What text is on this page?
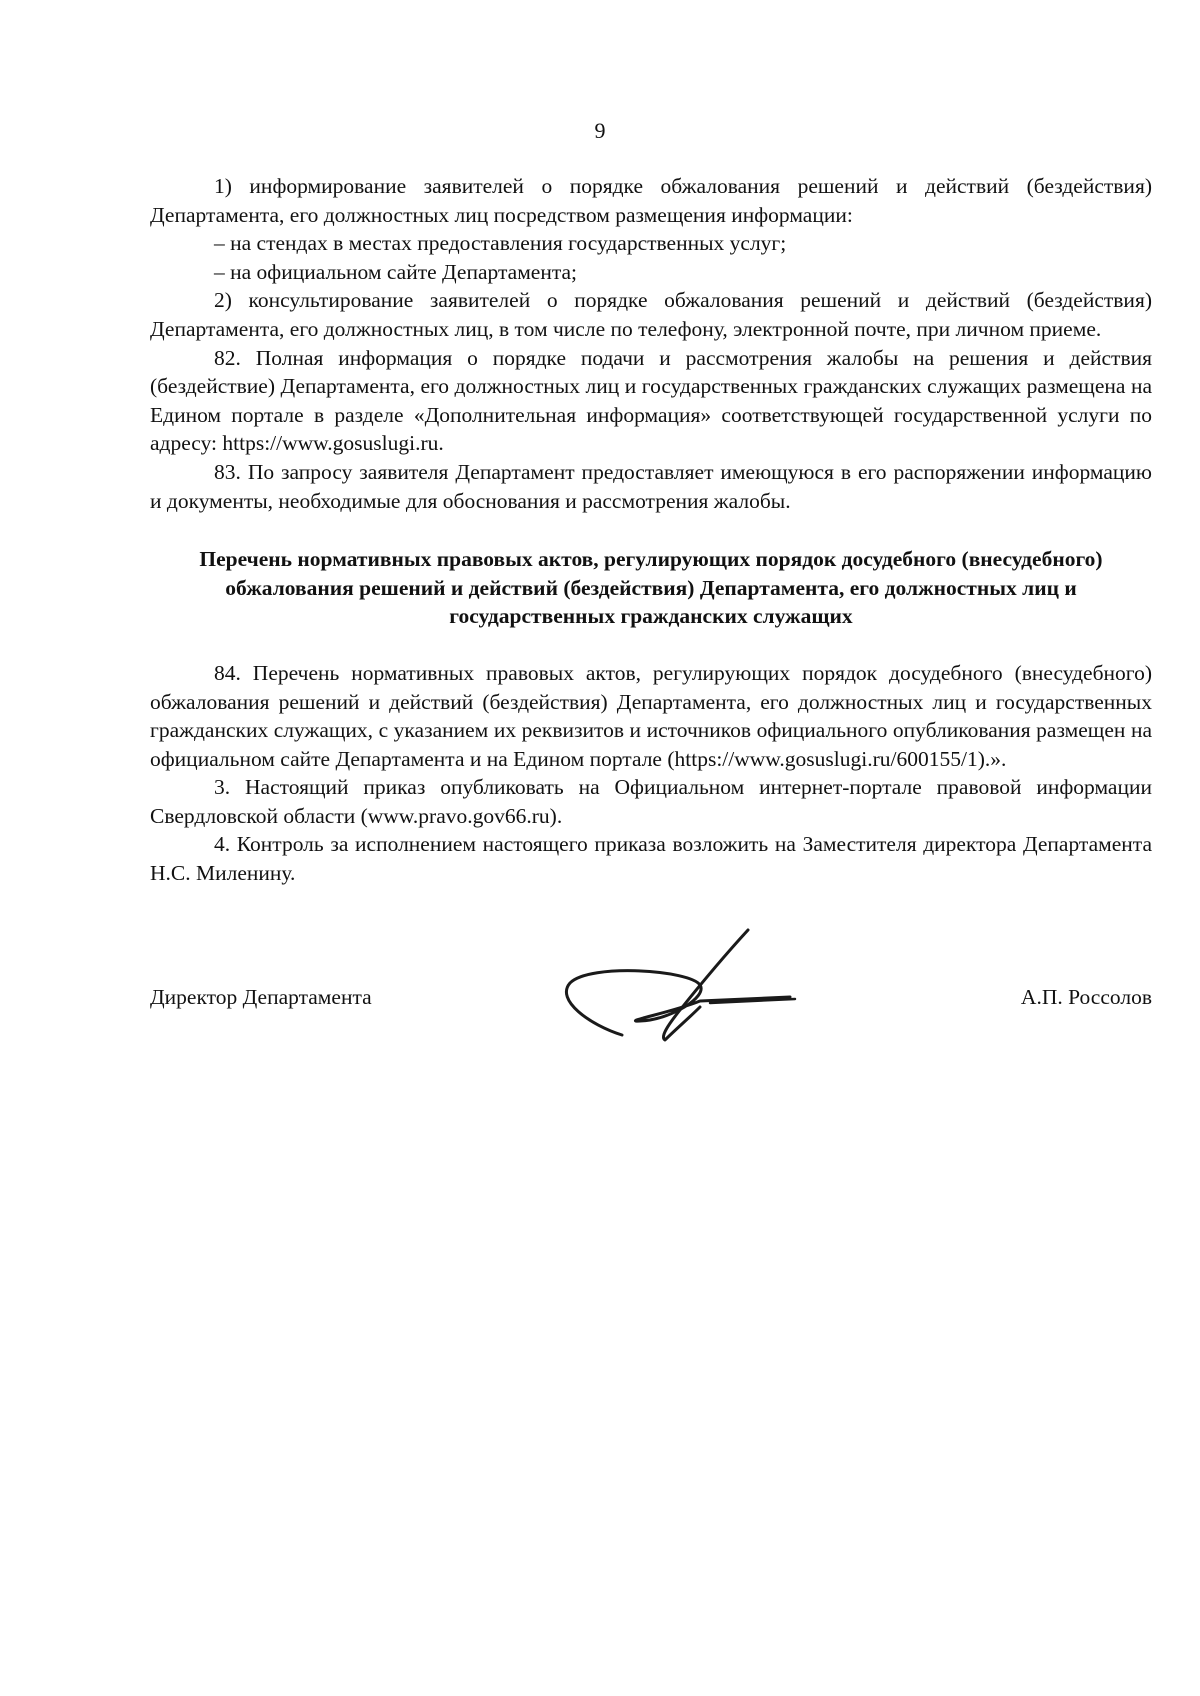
9

1) информирование заявителей о порядке обжалования решений и действий (бездействия) Департамента, его должностных лиц посредством размещения информации:

– на стендах в местах предоставления государственных услуг;

– на официальном сайте Департамента;

2) консультирование заявителей о порядке обжалования решений и действий (бездействия) Департамента, его должностных лиц, в том числе по телефону, электронной почте, при личном приеме.

82. Полная информация о порядке подачи и рассмотрения жалобы на решения и действия (бездействие) Департамента, его должностных лиц и государственных гражданских служащих размещена на Едином портале в разделе «Дополнительная информация» соответствующей государственной услуги по адресу: https://www.gosuslugi.ru.

83. По запросу заявителя Департамент предоставляет имеющуюся в его распоряжении информацию и документы, необходимые для обоснования и рассмотрения жалобы.

Перечень нормативных правовых актов, регулирующих порядок досудебного (внесудебного) обжалования решений и действий (бездействия) Департамента, его должностных лиц и государственных гражданских служащих

84. Перечень нормативных правовых актов, регулирующих порядок досудебного (внесудебного) обжалования решений и действий (бездействия) Департамента, его должностных лиц и государственных гражданских служащих, с указанием их реквизитов и источников официального опубликования размещен на официальном сайте Департамента и на Едином портале (https://www.gosuslugi.ru/600155/1).».

3. Настоящий приказ опубликовать на Официальном интернет-портале правовой информации Свердловской области (www.pravo.gov66.ru).

4. Контроль за исполнением настоящего приказа возложить на Заместителя директора Департамента Н.С. Миленину.

Директор Департамента	А.П. Россолов
